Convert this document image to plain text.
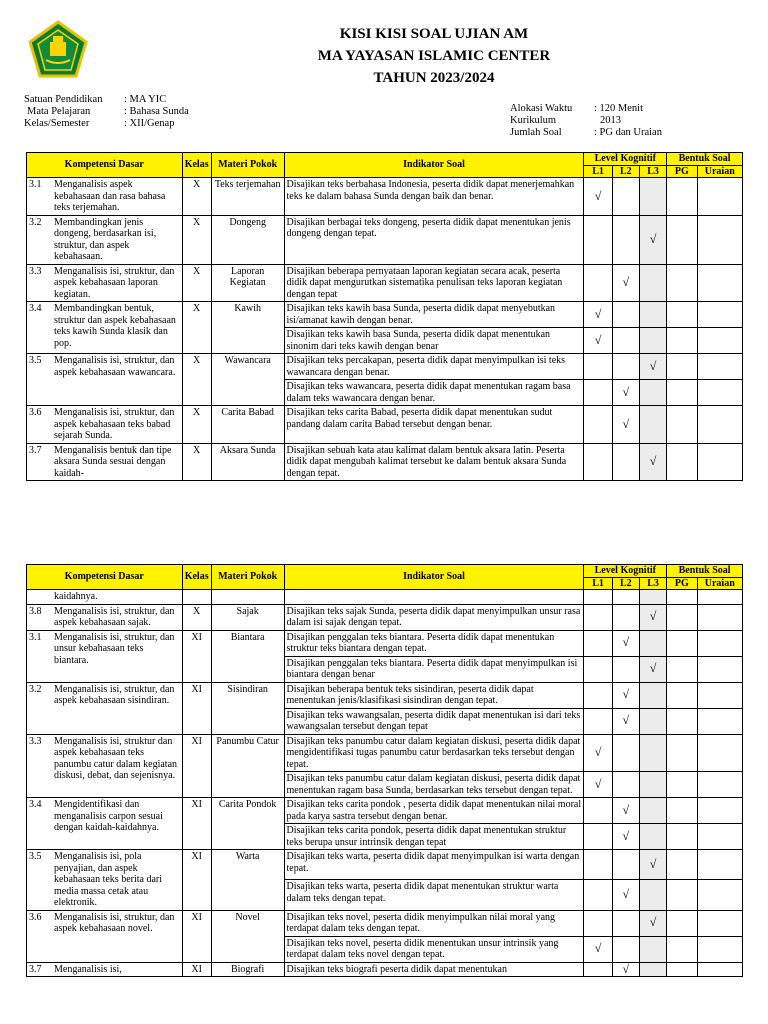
KISI KISI SOAL UJIAN AM
MA YAYASAN ISLAMIC CENTER
TAHUN 2023/2024
Satuan Pendidikan	: MA YIC
Mata Pelajaran	: Bahasa Sunda
Kelas/Semester	: XII/Genap
Alokasi Waktu	: 120 Menit
Kurikulum	2013
Jumlah Soal	: PG dan Uraian
Kompetensi Dasar	Kelas	Materi Pokok	Indikator Soal	Level Kognitif			Bentuk Soal	
				L1	L2	L3	PG	Uraian

3.1 Menganalisis aspek kebahasaan dan rasa bahasa teks terjemahan.	X	Teks terjemahan	Disajikan teks berbahasa Indonesia, peserta didik dapat menerjemahkan teks ke dalam bahasa Sunda dengan baik dan benar.	√				

3.2 Membandingkan jenis dongeng, berdasarkan isi, struktur, dan aspek kebahasaan.	X	Dongeng	Disajikan berbagai teks dongeng, peserta didik dapat menentukan jenis dongeng dengan tepat.			√		

3.3 Menganalisis isi, struktur, dan aspek kebahasaan laporan kegiatan.	X	Laporan Kegiatan	Disajikan beberapa pernyataan laporan kegiatan secara acak, peserta didik dapat mengurutkan sistematika penulisan teks laporan kegiatan dengan tepat		√			

3.4 Membandingkan bentuk, struktur dan aspek kebahasaan teks kawih Sunda klasik dan pop.	X	Kawih	Disajikan teks kawih basa Sunda, peserta didik dapat menyebutkan isi/amanat kawih dengan benar.	√				
			Disajikan teks kawih basa Sunda, peserta didik dapat menentukan sinonim dari teks kawih dengan benar	√				

3.5 Menganalisis isi, struktur, dan aspek kebahasaan wawancara.	X	Wawancara	Disajikan teks percakapan, peserta didik dapat menyimpulkan isi teks wawancara dengan benar.			√		
			Disajikan teks wawancara, peserta didik dapat menentukan ragam basa dalam teks wawancara dengan benar.		√			

3.6 Menganalisis isi, struktur, dan aspek kebahasaan teks babad sejarah Sunda.	X	Carita Babad	Disajikan teks carita Babad, peserta didik dapat menentukan sudut pandang dalam carita Babad tersebut dengan benar.		√			

3.7 Menganalisis bentuk dan tipe aksara Sunda sesuai dengan kaidah-	X	Aksara Sunda	Disajikan sebuah kata atau kalimat dalam bentuk aksara latin. Peserta didik dapat mengubah kalimat tersebut ke dalam bentuk aksara Sunda dengan tepat.			√		
Kompetensi Dasar	Kelas	Materi Pokok	Indikator Soal	Level Kognitif			Bentuk Soal	
				L1	L2	L3	PG	Uraian
kaidahnya.								

3.8 Menganalisis isi, struktur, dan aspek kebahasaan sajak.	X	Sajak	Disajikan teks sajak Sunda, peserta didik dapat menyimpulkan unsur rasa dalam isi sajak dengan tepat.			√		

3.1 Menganalisis isi, struktur, dan unsur kebahasaan teks biantara.	XI	Biantara	Disajikan penggalan teks biantara. Peserta didik dapat menentukan struktur teks biantara dengan tepat.		√			
			Disajikan penggalan teks biantara. Peserta didik dapat menyimpulkan isi biantara dengan benar			√		

3.2 Menganalisis isi, struktur, dan aspek kebahasaan sisindiran.	XI	Sisindiran	Disajikan beberapa bentuk teks sisindiran, peserta didik dapat menentukan jenis/klasifikasi sisindiran dengan tepat.		√			
			Disajikan teks wawangsalan, peserta didik dapat menentukan isi dari teks wawangsalan tersebut dengan tepat		√			

3.3 Menganalisis isi, struktur dan aspek kebahasaan teks panumbu catur dalam kegiatan diskusi, debat, dan sejenisnya.	XI	Panumbu Catur	Disajikan teks panumbu catur dalam kegiatan diskusi, peserta didik dapat mengidentifikasi tugas panumbu catur berdasarkan teks tersebut dengan tepat.	√				
			Disajikan teks panumbu catur dalam kegiatan diskusi, peserta didik dapat menentukan ragam basa Sunda, berdasarkan teks tersebut dengan tepat.	√				

3.4 Mengidentifikasi dan menganalisis carpon sesuai dengan kaidah-kaidahnya.	XI	Carita Pondok	Disajikan teks carita pondok , peserta didik dapat menentukan nilai moral pada karya sastra tersebut dengan benar.		√			
			Disajikan teks carita pondok, peserta didik dapat menentukan struktur teks berupa unsur intrinsik dengan tepat		√			

3.5 Menganalisis isi, pola penyajian, dan aspek kebahasaan teks berita dari media massa cetak atau elektronik.	XI	Warta	Disajikan teks warta, peserta didik dapat menyimpulkan isi warta dengan tepat.			√		
			Disajikan teks warta, peserta didik dapat menentukan struktur warta dalam teks dengan tepat.		√			

3.6 Menganalisis isi, struktur, dan aspek kebahasaan novel.	XI	Novel	Disajikan teks novel, peserta didik menyimpulkan nilai moral yang terdapat dalam teks dengan tepat.			√		
			Disajikan teks novel, peserta didik menentukan unsur intrinsik yang terdapat dalam teks novel dengan tepat.	√				

3.7 Menganalisis isi,	XI	Biografi	Disajikan teks biografi peserta didik dapat menentukan		√			
